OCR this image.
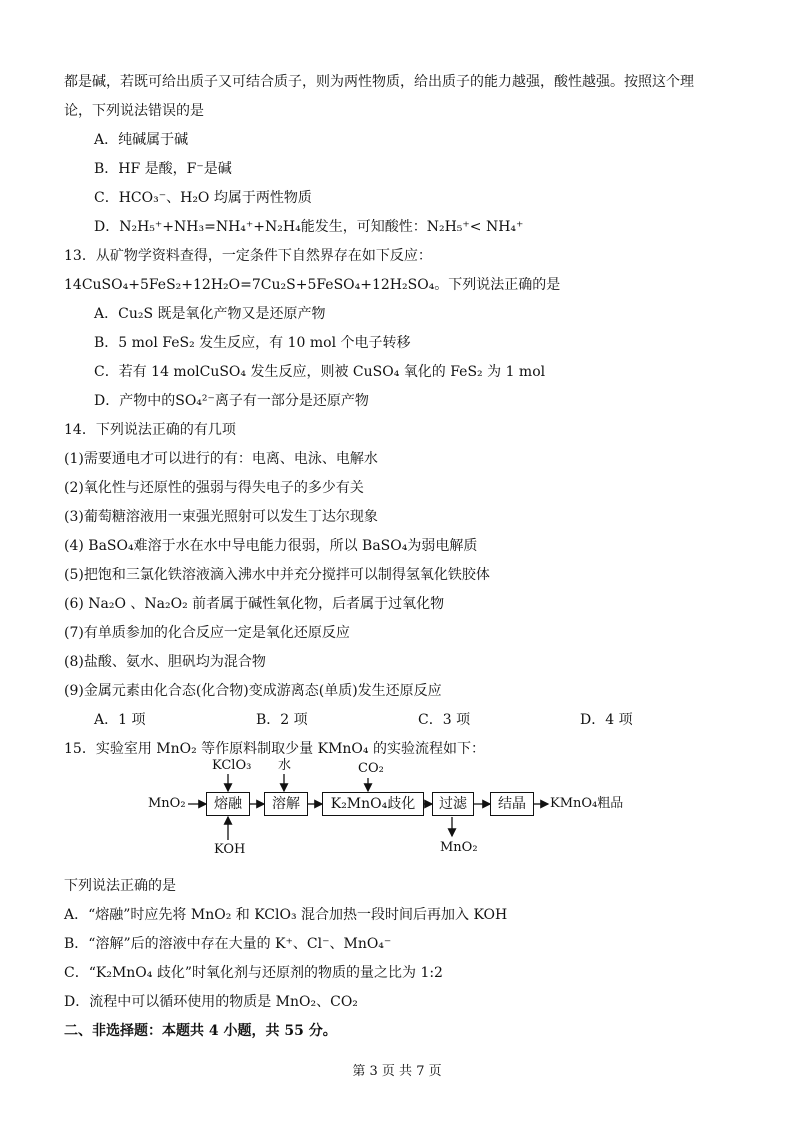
都是碱，若既可给出质子又可结合质子，则为两性物质，给出质子的能力越强，酸性越强。按照这个理
论，下列说法错误的是
A．纯碱属于碱
B．HF 是酸，F⁻是碱
C．HCO₃⁻、H₂O 均属于两性物质
D．N₂H₅⁺+NH₃=NH₄⁺+N₂H₄能发生，可知酸性：N₂H₅⁺< NH₄⁺
13．从矿物学资料查得，一定条件下自然界存在如下反应：
14CuSO₄+5FeS₂+12H₂O=7Cu₂S+5FeSO₄+12H₂SO₄。下列说法正确的是
A．Cu₂S 既是氧化产物又是还原产物
B．5 mol FeS₂ 发生反应，有 10 mol 个电子转移
C．若有 14 molCuSO₄ 发生反应，则被 CuSO₄ 氧化的 FeS₂ 为 1 mol
D．产物中的SO₄²⁻离子有一部分是还原产物
14．下列说法正确的有几项
(1)需要通电才可以进行的有：电离、电泳、电解水
(2)氧化性与还原性的强弱与得失电子的多少有关
(3)葡萄糖溶液用一束强光照射可以发生丁达尔现象
(4) BaSO₄难溶于水在水中导电能力很弱，所以 BaSO₄为弱电解质
(5)把饱和三氯化铁溶液滴入沸水中并充分搅拌可以制得氢氧化铁胶体
(6) Na₂O 、Na₂O₂ 前者属于碱性氧化物，后者属于过氧化物
(7)有单质参加的化合反应一定是氧化还原反应
(8)盐酸、氨水、胆矾均为混合物
(9)金属元素由化合态(化合物)变成游离态(单质)发生还原反应
A．1 项	B．2 项	C．3 项	D．4 项
15．实验室用 MnO₂ 等作原料制取少量 KMnO₄ 的实验流程如下：
MnO₂
KClO₃ 水	CO₂
KOH
熔融	溶解	K₂MnO₄歧化	过滤	结晶
MnO₂
KMnO₄粗品
下列说法正确的是
A．“熔融”时应先将 MnO₂ 和 KClO₃ 混合加热一段时间后再加入 KOH
B．“溶解”后的溶液中存在大量的 K⁺、Cl⁻、MnO₄⁻
C．“K₂MnO₄ 歧化”时氧化剂与还原剂的物质的量之比为 1:2
D．流程中可以循环使用的物质是 MnO₂、CO₂
二、非选择题：本题共 4 小题，共 55 分。
第 3 页 共 7 页
